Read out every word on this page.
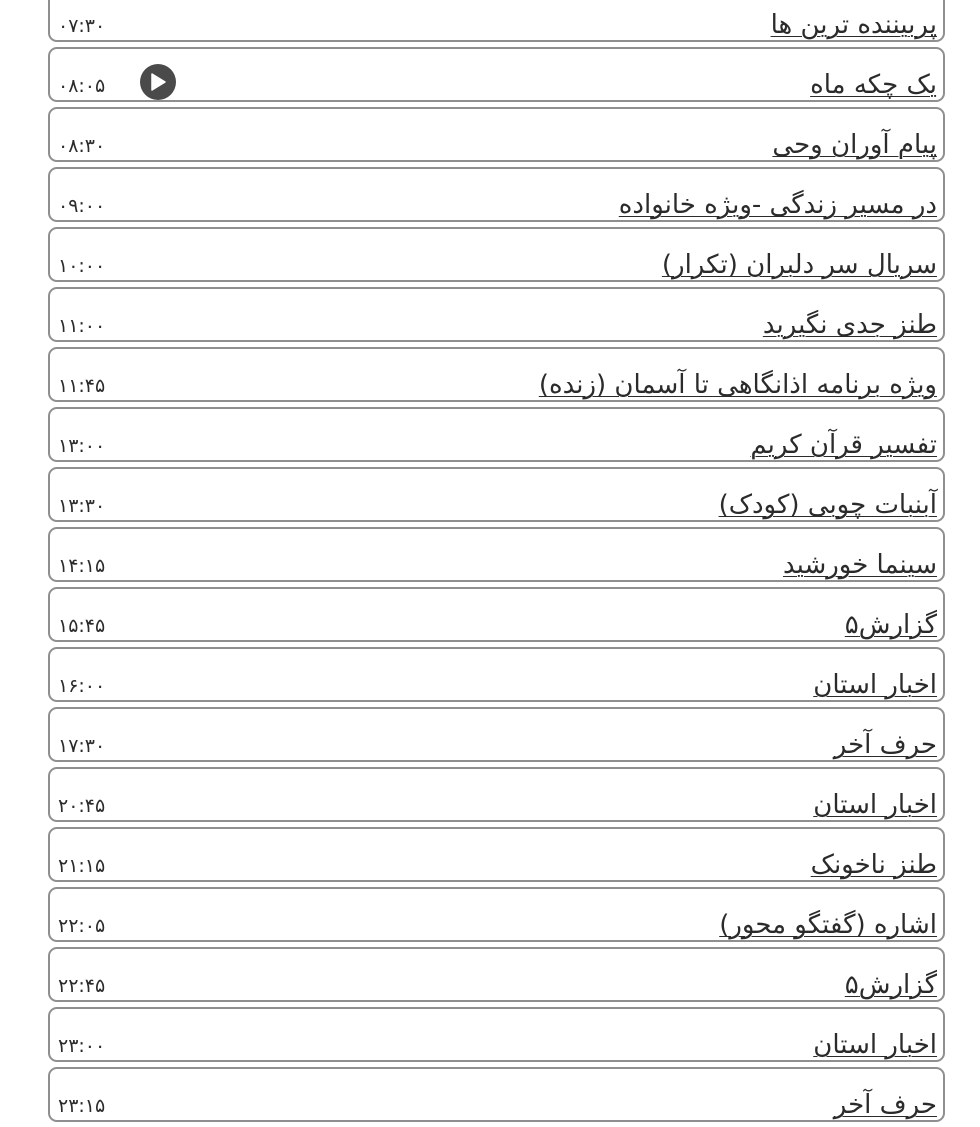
۰۷:۳۰	پربیننده ترین ها
۰۸:۰۵	یک چکه ماه
۰۸:۳۰	پیام آوران وحی
۰۹:۰۰	در مسیر زندگی -ویژه خانواده
۱۰:۰۰	سریال سر دلبران (تکرار)
۱۱:۰۰	طنز جدی نگیرید
۱۱:۴۵	ویژه برنامه اذانگاهی تا آسمان (زنده)
۱۳:۰۰	تفسیر قرآن کریم
۱۳:۳۰	آبنبات چوبی (کودک)
۱۴:۱۵	سینما خورشید
۱۵:۴۵	گزارش۵
۱۶:۰۰	اخبار استان
۱۷:۳۰	حرف آخر
۲۰:۴۵	اخبار استان
۲۱:۱۵	طنز ناخونک
۲۲:۰۵	اشاره (گفتگو محور)
۲۲:۴۵	گزارش۵
۲۳:۰۰	اخبار استان
۲۳:۱۵	حرف آخر
